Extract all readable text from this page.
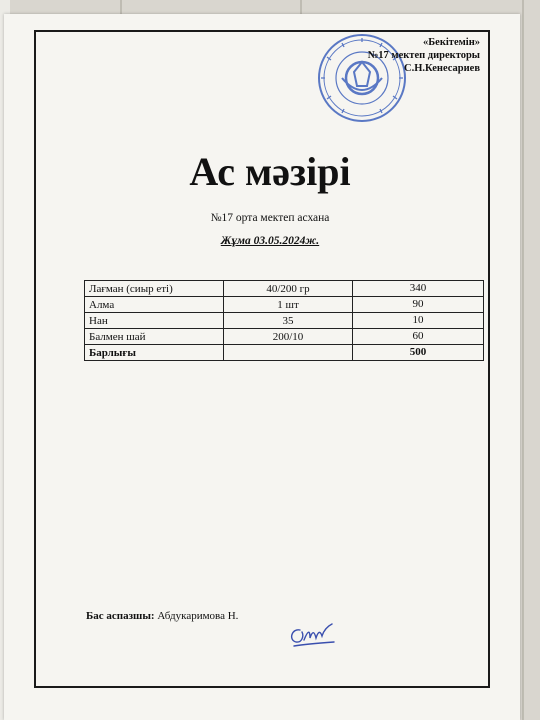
«Бекітемін»
№17 мектеп директоры
С.Н.Кенесариев
Ас мәзірі
№17 орта мектеп асхана
Жұма 03.05.2024ж.
Лағман (сиыр еті)	40/200 гр	340
Алма	1 шт	90
Нан	35	10
Балмен шай	200/10	60
Барлығы		500
Бас аспазшы: Абдукаримова Н.
